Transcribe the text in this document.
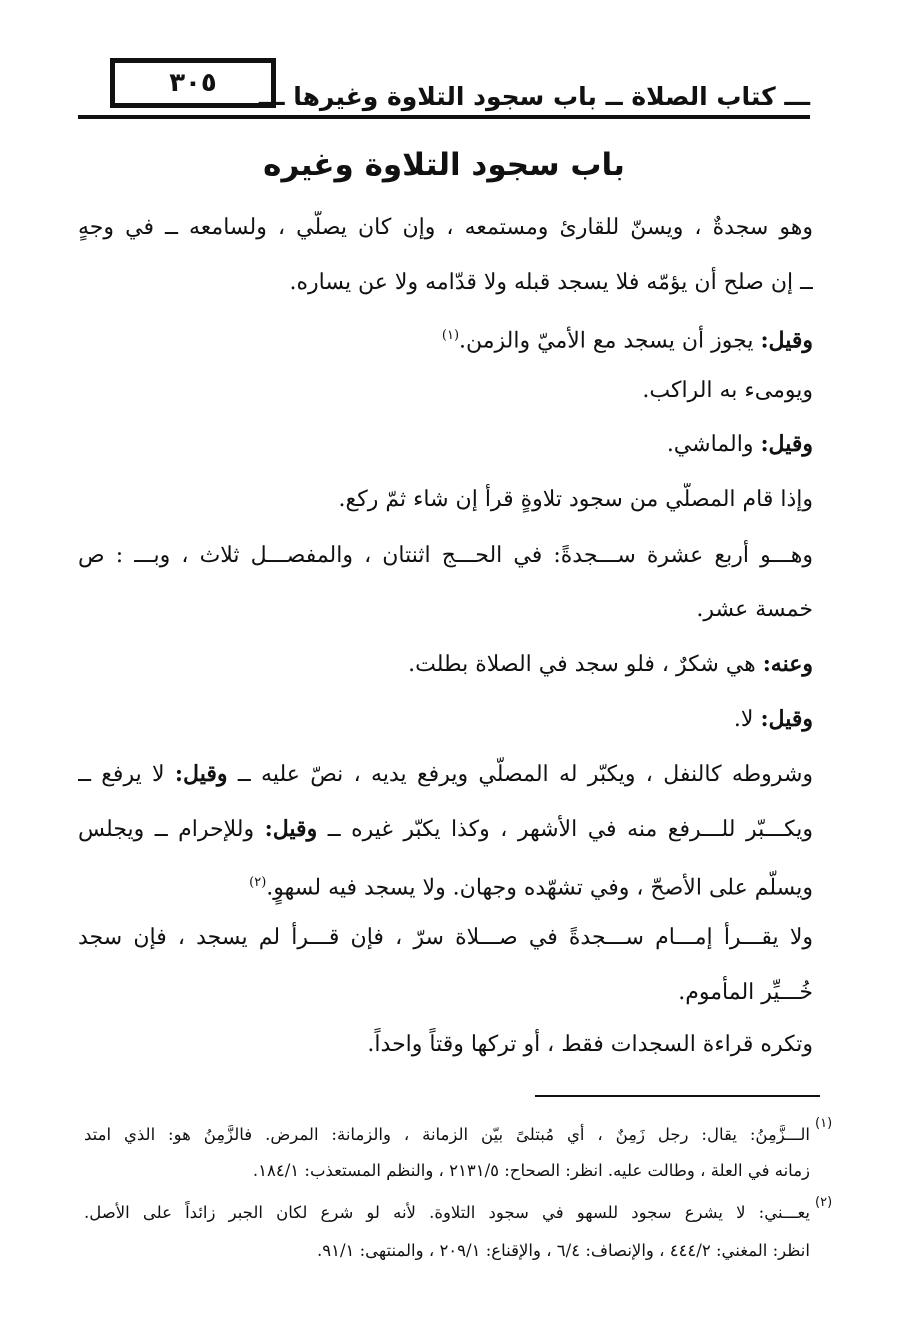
٣٠٥	ـــ كتاب الصلاة ــ باب سجود التلاوة وغيرها ـــ
باب سجود التلاوة وغيره
وهو سجدةٌ ، ويسنّ للقارئ ومستمعه ، وإن كان يصلّي ، ولسامعه ــ في وجهٍ
ــ إن صلح أن يؤمّه فلا يسجد قبله ولا قدّامه ولا عن يساره.
وقيل: يجوز أن يسجد مع الأميّ والزمن.$^{(١)}$
ويومىء به الراكب.
وقيل: والماشي.
وإذا قام المصلّي من سجود تلاوةٍ قرأ إن شاء ثمّ ركع.
وهـــو أربع عشرة ســـجدةً: في الحـــج اثنتان ، والمفصـــل ثلاث ، وبـــ : ص
خمسة عشر.
وعنه: هي شكرٌ ، فلو سجد في الصلاة بطلت.
وقيل: لا.
وشروطه كالنفل ، ويكبّر له المصلّي ويرفع يديه ، نصّ عليه ــ وقيل: لا يرفع ــ
ويكـــبّر للـــرفع منه في الأشهر ، وكذا يكبّر غيره ــ وقيل: وللإحرام ــ ويجلس
ويسلّم على الأصحّ ، وفي تشهّده وجهان. ولا يسجد فيه لسهوٍ.$^{(٢)}$
ولا يقـــرأ إمـــام ســـجدةً في صـــلاة سرّ ، فإن قـــرأ لم يسجد ، فإن سجد
خُـــيِّر المأموم.
وتكره قراءة السجدات فقط ، أو تركها وقتاً واحداً.
(١)
الـــزَّمِنُ: يقال: رجل زَمِنٌ ، أي مُبتلىً بيّن الزمانة ، والزمانة: المرض. فالزَّمِنُ هو: الذي امتد
زمانه في العلة ، وطالت عليه. انظر: الصحاح: ٢١٣١/٥ ، والنظم المستعذب: ١٨٤/١.
(٢)
يعـــني: لا يشرع سجود للسهو في سجود التلاوة. لأنه لو شرع لكان الجبر زائداً على الأصل.
انظر: المغني: ٤٤٤/٢ ، والإنصاف: ٦/٤ ، والإقناع: ٢٠٩/١ ، والمنتهى: ٩١/١.
